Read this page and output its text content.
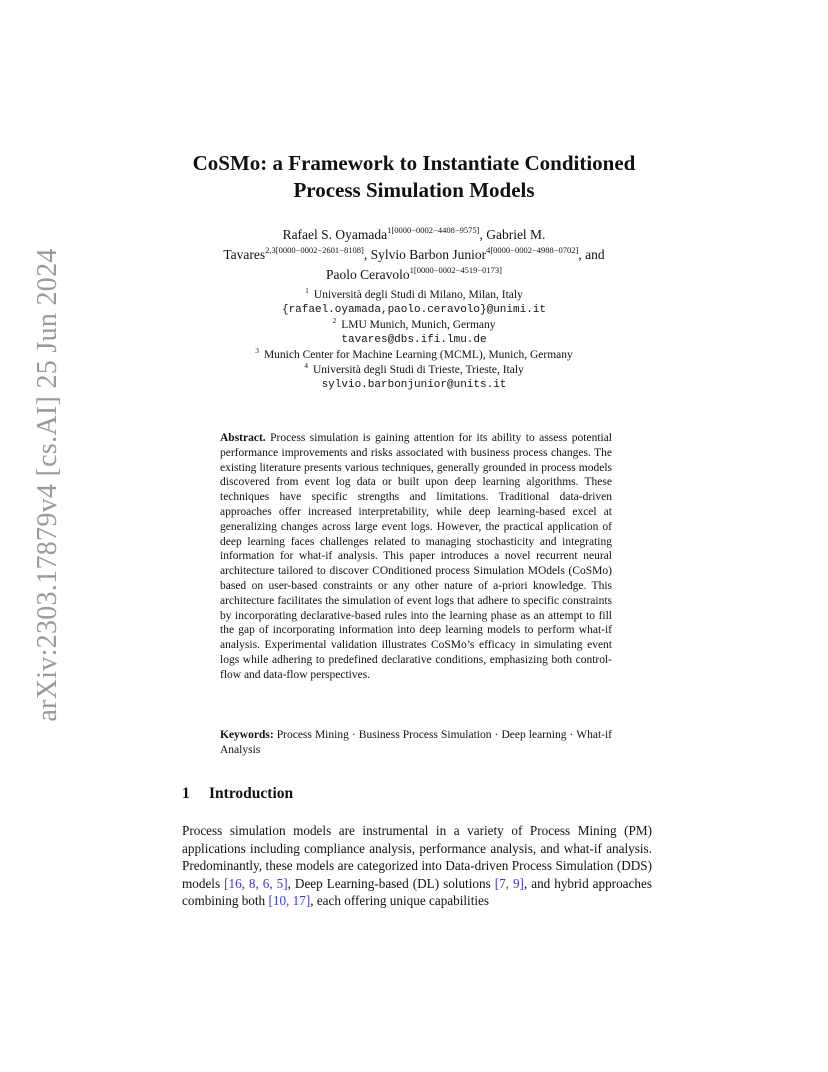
arXiv:2303.17879v4 [cs.AI] 25 Jun 2024
CoSMo: a Framework to Instantiate Conditioned
Process Simulation Models
Rafael S. Oyamada$^{1[0000-0002-4408-9575]}$, Gabriel M.
Tavares$^{2,3[0000-0002-2601-8108]}$, Sylvio Barbon Junior$^{4[0000-0002-4988-0702]}$, and
Paolo Ceravolo$^{1[0000-0002-4519-0173]}$
$^1$ Università degli Studi di Milano, Milan, Italy
{rafael.oyamada,paolo.ceravolo}@unimi.it
$^2$ LMU Munich, Munich, Germany
tavares@dbs.ifi.lmu.de
$^3$ Munich Center for Machine Learning (MCML), Munich, Germany
$^4$ Università degli Studi di Trieste, Trieste, Italy
sylvio.barbonjunior@units.it
Abstract. Process simulation is gaining attention for its ability to assess potential performance improvements and risks associated with business process changes. The existing literature presents various techniques, generally grounded in process models discovered from event log data or built upon deep learning algorithms. These techniques have specific strengths and limitations. Traditional data-driven approaches offer increased interpretability, while deep learning-based excel at generalizing changes across large event logs. However, the practical application of deep learning faces challenges related to managing stochasticity and integrating information for what-if analysis. This paper introduces a novel recurrent neural architecture tailored to discover COnditioned process Simulation MOdels (CoSMo) based on user-based constraints or any other nature of a-priori knowledge. This architecture facilitates the simulation of event logs that adhere to specific constraints by incorporating declarative-based rules into the learning phase as an attempt to fill the gap of incorporating information into deep learning models to perform what-if analysis. Experimental validation illustrates CoSMo’s efficacy in simulating event logs while adhering to predefined declarative conditions, emphasizing both control-flow and data-flow perspectives.
Keywords: Process Mining · Business Process Simulation · Deep learning · What-if Analysis
1 Introduction
Process simulation models are instrumental in a variety of Process Mining (PM) applications including compliance analysis, performance analysis, and what-if analysis. Predominantly, these models are categorized into Data-driven Process Simulation (DDS) models [16, 8, 6, 5], Deep Learning-based (DL) solutions [7, 9], and hybrid approaches combining both [10, 17], each offering unique capabilities
